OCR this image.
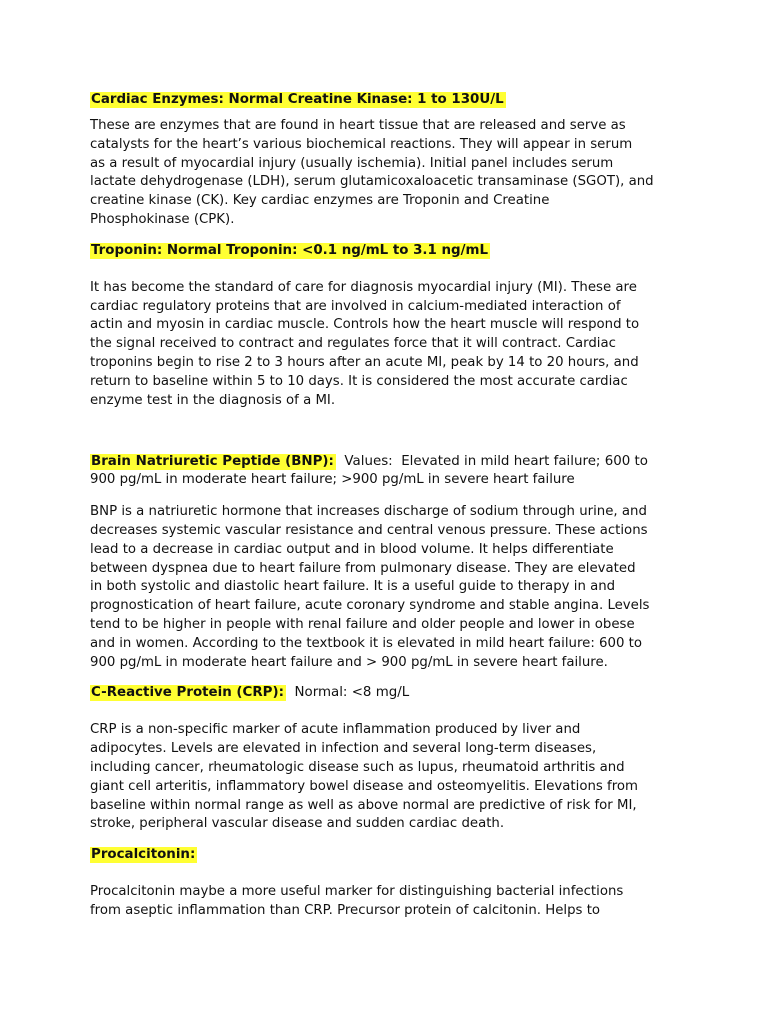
Cardiac Enzymes: Normal Creatine Kinase: 1 to 130U/L
These are enzymes that are found in heart tissue that are released and serve as
catalysts for the heart’s various biochemical reactions. They will appear in serum
as a result of myocardial injury (usually ischemia). Initial panel includes serum
lactate dehydrogenase (LDH), serum glutamicoxaloacetic transaminase (SGOT), and
creatine kinase (CK). Key cardiac enzymes are Troponin and Creatine
Phosphokinase (CPK).
Troponin: Normal Troponin: <0.1 ng/mL to 3.1 ng/mL
It has become the standard of care for diagnosis myocardial injury (MI). These are
cardiac regulatory proteins that are involved in calcium-mediated interaction of
actin and myosin in cardiac muscle. Controls how the heart muscle will respond to
the signal received to contract and regulates force that it will contract. Cardiac
troponins begin to rise 2 to 3 hours after an acute MI, peak by 14 to 20 hours, and
return to baseline within 5 to 10 days. It is considered the most accurate cardiac
enzyme test in the diagnosis of a MI.
Brain Natriuretic Peptide (BNP):  Values:  Elevated in mild heart failure; 600 to
900 pg/mL in moderate heart failure; >900 pg/mL in severe heart failure
BNP is a natriuretic hormone that increases discharge of sodium through urine, and
decreases systemic vascular resistance and central venous pressure. These actions
lead to a decrease in cardiac output and in blood volume. It helps differentiate
between dyspnea due to heart failure from pulmonary disease. They are elevated
in both systolic and diastolic heart failure. It is a useful guide to therapy in and
prognostication of heart failure, acute coronary syndrome and stable angina. Levels
tend to be higher in people with renal failure and older people and lower in obese
and in women. According to the textbook it is elevated in mild heart failure: 600 to
900 pg/mL in moderate heart failure and > 900 pg/mL in severe heart failure.
C-Reactive Protein (CRP):  Normal: <8 mg/L
CRP is a non-specific marker of acute inflammation produced by liver and
adipocytes. Levels are elevated in infection and several long-term diseases,
including cancer, rheumatologic disease such as lupus, rheumatoid arthritis and
giant cell arteritis, inflammatory bowel disease and osteomyelitis. Elevations from
baseline within normal range as well as above normal are predictive of risk for MI,
stroke, peripheral vascular disease and sudden cardiac death.
Procalcitonin:
Procalcitonin maybe a more useful marker for distinguishing bacterial infections
from aseptic inflammation than CRP. Precursor protein of calcitonin. Helps to
